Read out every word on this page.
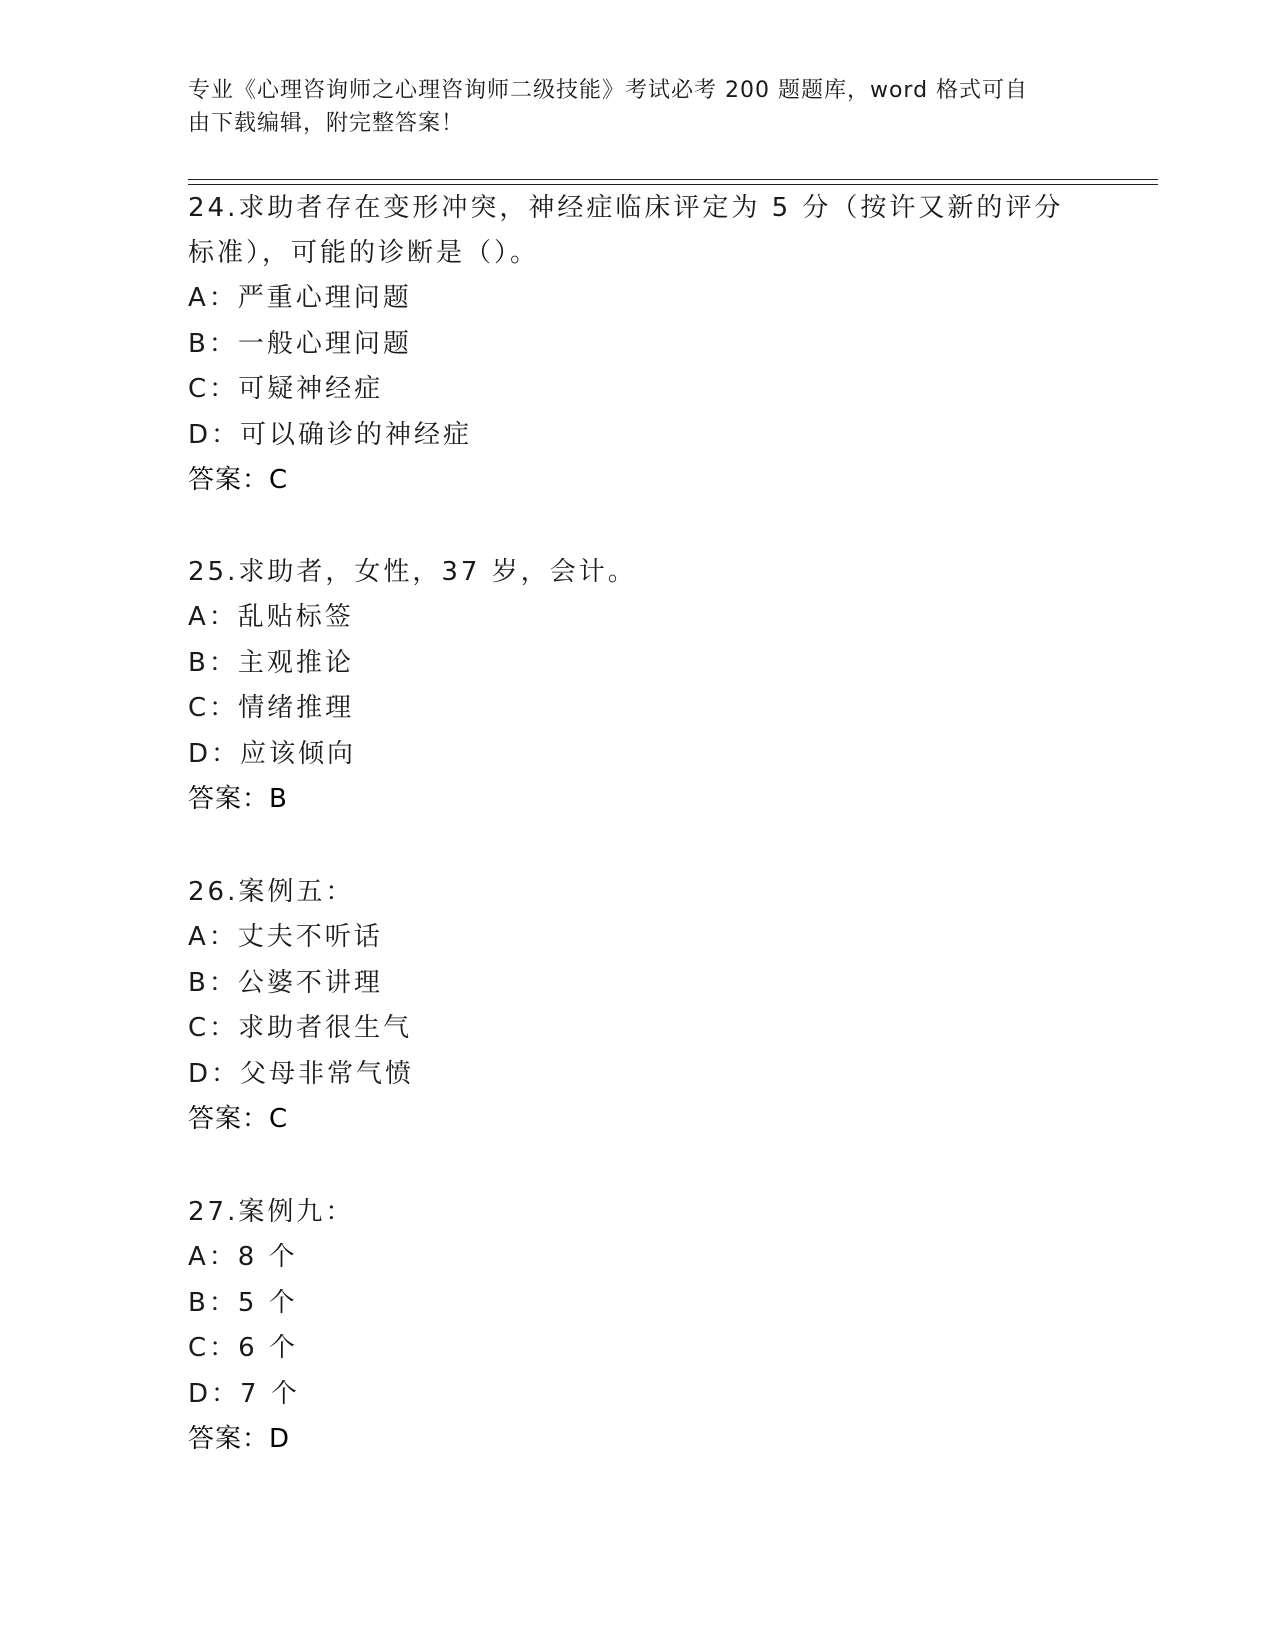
专业《心理咨询师之心理咨询师二级技能》考试必考 200 题题库，word 格式可自
由下载编辑，附完整答案！

24.求助者存在变形冲突，神经症临床评定为 5 分（按许又新的评分标准），可能的诊断是（）。

A：严重心理问题

B：一般心理问题

C：可疑神经症

D：可以确诊的神经症

答案：C

25.求助者，女性，37 岁，会计。

A：乱贴标签

B：主观推论

C：情绪推理

D：应该倾向

答案：B

26.案例五：

A：丈夫不听话

B：公婆不讲理

C：求助者很生气

D：父母非常气愤

答案：C

27.案例九：

A：8 个

B：5 个

C：6 个

D：7 个

答案：D
